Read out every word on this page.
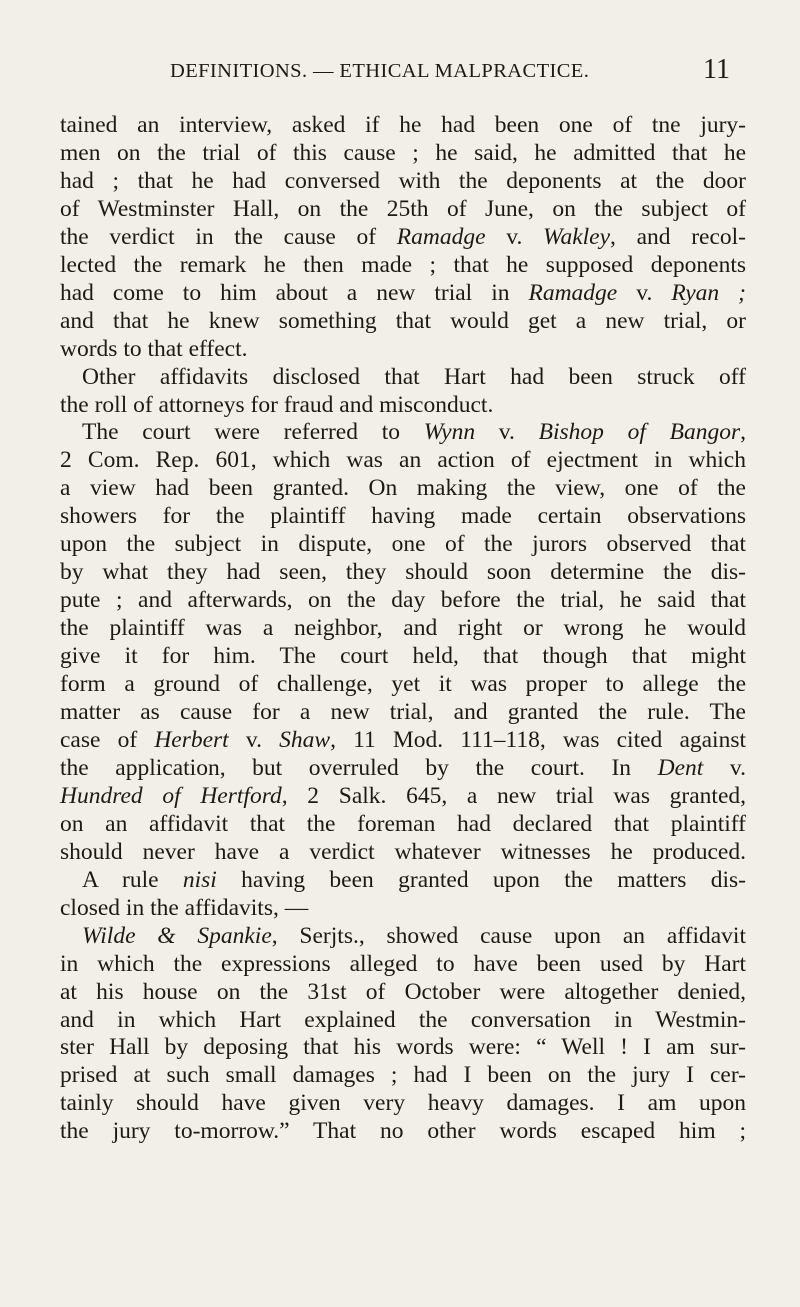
DEFINITIONS. — ETHICAL MALPRACTICE.	11
tained an interview, asked if he had been one of tne jury-
men on the trial of this cause ; he said, he admitted that he
had ; that he had conversed with the deponents at the door
of Westminster Hall, on the 25th of June, on the subject of
the verdict in the cause of Ramadge v. Wakley, and recol-
lected the remark he then made ; that he supposed deponents
had come to him about a new trial in Ramadge v. Ryan ;
and that he knew something that would get a new trial, or
words to that effect.
Other affidavits disclosed that Hart had been struck off
the roll of attorneys for fraud and misconduct.
The court were referred to Wynn v. Bishop of Bangor,
2 Com. Rep. 601, which was an action of ejectment in which
a view had been granted. On making the view, one of the
showers for the plaintiff having made certain observations
upon the subject in dispute, one of the jurors observed that
by what they had seen, they should soon determine the dis-
pute ; and afterwards, on the day before the trial, he said that
the plaintiff was a neighbor, and right or wrong he would
give it for him. The court held, that though that might
form a ground of challenge, yet it was proper to allege the
matter as cause for a new trial, and granted the rule. The
case of Herbert v. Shaw, 11 Mod. 111–118, was cited against
the application, but overruled by the court. In Dent v.
Hundred of Hertford, 2 Salk. 645, a new trial was granted,
on an affidavit that the foreman had declared that plaintiff
should never have a verdict whatever witnesses he produced.
A rule nisi having been granted upon the matters dis-
closed in the affidavits, —
Wilde & Spankie, Serjts., showed cause upon an affidavit
in which the expressions alleged to have been used by Hart
at his house on the 31st of October were altogether denied,
and in which Hart explained the conversation in Westmin-
ster Hall by deposing that his words were: “ Well ! I am sur-
prised at such small damages ; had I been on the jury I cer-
tainly should have given very heavy damages. I am upon
the jury to-morrow.” That no other words escaped him ;
